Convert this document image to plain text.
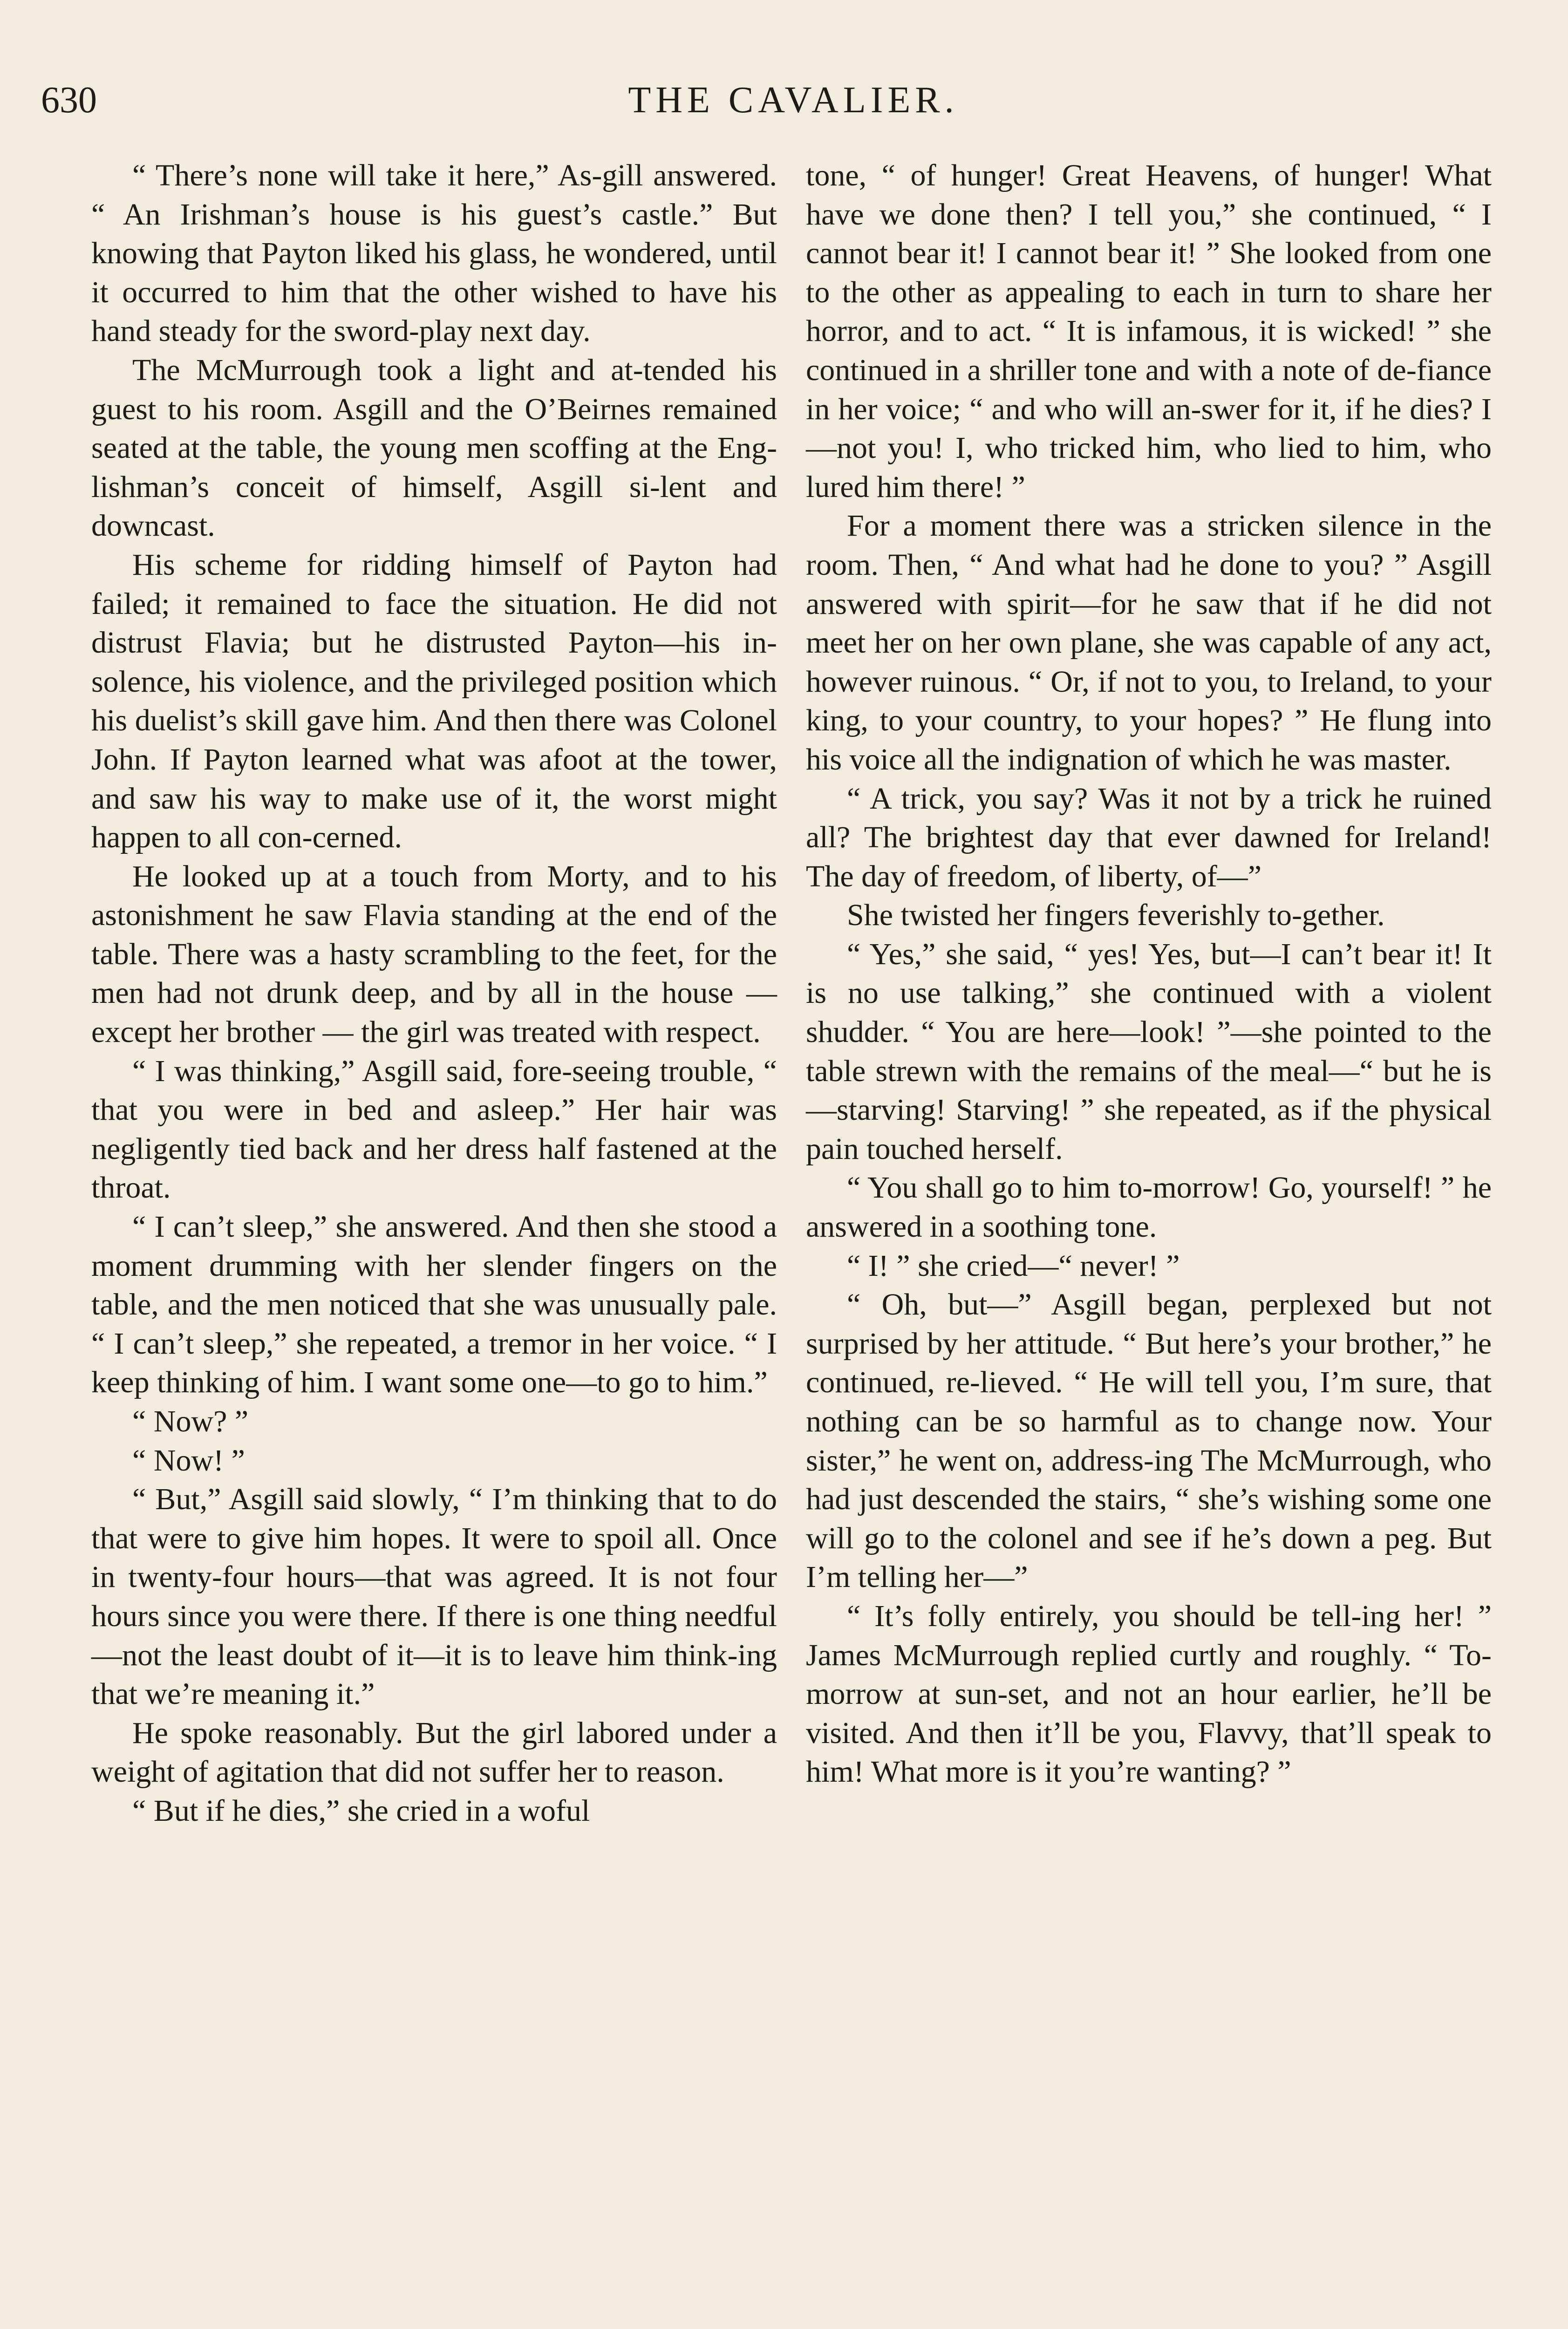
630	THE CAVALIER.

“ There’s none will take it here,” As-gill answered. “ An Irishman’s house is his guest’s castle.” But knowing that Payton liked his glass, he wondered, until it occurred to him that the other wished to have his hand steady for the sword-play next day.

The McMurrough took a light and at-tended his guest to his room. Asgill and the O’Beirnes remained seated at the table, the young men scoffing at the Eng-lishman’s conceit of himself, Asgill si-lent and downcast.

His scheme for ridding himself of Payton had failed; it remained to face the situation. He did not distrust Flavia; but he distrusted Payton—his in-solence, his violence, and the privileged position which his duelist’s skill gave him. And then there was Colonel John. If Payton learned what was afoot at the tower, and saw his way to make use of it, the worst might happen to all con-cerned.

He looked up at a touch from Morty, and to his astonishment he saw Flavia standing at the end of the table. There was a hasty scrambling to the feet, for the men had not drunk deep, and by all in the house — except her brother — the girl was treated with respect.

“ I was thinking,” Asgill said, fore-seeing trouble, “ that you were in bed and asleep.” Her hair was negligently tied back and her dress half fastened at the throat.

“ I can’t sleep,” she answered. And then she stood a moment drumming with her slender fingers on the table, and the men noticed that she was unusually pale. “ I can’t sleep,” she repeated, a tremor in her voice. “ I keep thinking of him. I want some one—to go to him.”

“ Now? ”

“ Now! ”

“ But,” Asgill said slowly, “ I’m thinking that to do that were to give him hopes. It were to spoil all. Once in twenty-four hours—that was agreed. It is not four hours since you were there. If there is one thing needful—not the least doubt of it—it is to leave him think-ing that we’re meaning it.”

He spoke reasonably. But the girl labored under a weight of agitation that did not suffer her to reason.

“ But if he dies,” she cried in a woful

tone, “ of hunger! Great Heavens, of hunger! What have we done then? I tell you,” she continued, “ I cannot bear it! I cannot bear it! ” She looked from one to the other as appealing to each in turn to share her horror, and to act. “ It is infamous, it is wicked! ” she continued in a shriller tone and with a note of de-fiance in her voice; “ and who will an-swer for it, if he dies? I—not you! I, who tricked him, who lied to him, who lured him there! ”

For a moment there was a stricken silence in the room. Then, “ And what had he done to you? ” Asgill answered with spirit—for he saw that if he did not meet her on her own plane, she was capable of any act, however ruinous. “ Or, if not to you, to Ireland, to your king, to your country, to your hopes? ” He flung into his voice all the indignation of which he was master.

“ A trick, you say? Was it not by a trick he ruined all? The brightest day that ever dawned for Ireland! The day of freedom, of liberty, of—”

She twisted her fingers feverishly to-gether.

“ Yes,” she said, “ yes! Yes, but—I can’t bear it! It is no use talking,” she continued with a violent shudder. “ You are here—look! ”—she pointed to the table strewn with the remains of the meal—“ but he is—starving! Starving! ” she repeated, as if the physical pain touched herself.

“ You shall go to him to-morrow! Go, yourself! ” he answered in a soothing tone.

“ I! ” she cried—“ never! ”

“ Oh, but—” Asgill began, perplexed but not surprised by her attitude. “ But here’s your brother,” he continued, re-lieved. “ He will tell you, I’m sure, that nothing can be so harmful as to change now. Your sister,” he went on, address-ing The McMurrough, who had just descended the stairs, “ she’s wishing some one will go to the colonel and see if he’s down a peg. But I’m telling her—”

“ It’s folly entirely, you should be tell-ing her! ” James McMurrough replied curtly and roughly. “ To-morrow at sun-set, and not an hour earlier, he’ll be visited. And then it’ll be you, Flavvy, that’ll speak to him! What more is it you’re wanting? ”
